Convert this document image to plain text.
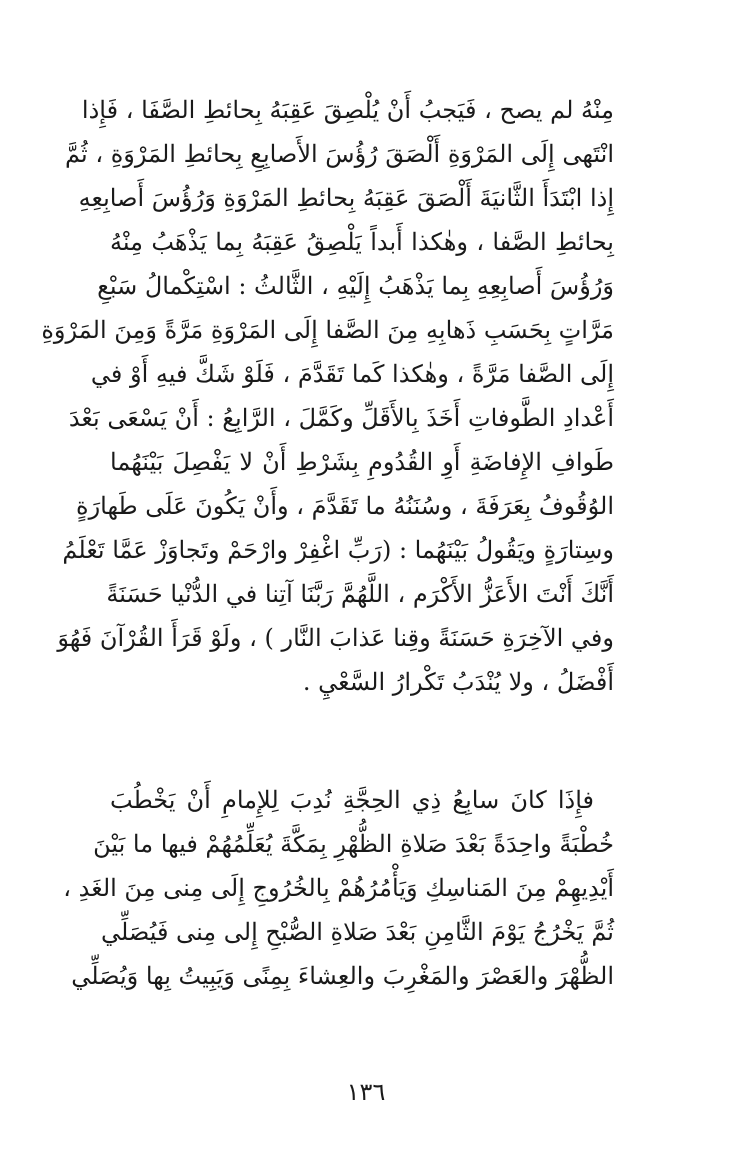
مِنْهُ لم يصح ، فَيَجبُ أَنْ يُلْصِقَ عَقِبَهُ بِحائطِ الصَّفَا ، فَإِذا
انْتَهى إِلَى المَرْوَةِ أَلْصَقَ رُؤُسَ الأَصابِعِ بِحائطِ المَرْوَةِ ، ثُمَّ
إِذا ابْتَدَأَ الثَّانيَةَ أَلْصَقَ عَقِبَهُ بِحائطِ المَرْوَةِ وَرُؤُسَ أَصابِعِهِ
بِحائطِ الصَّفا ، وهٰكذا أَبداً يَلْصِقُ عَقِبَهُ بِما يَذْهَبُ مِنْهُ
وَرُؤُسَ أَصابِعِهِ بِما يَذْهَبُ إِلَيْهِ ، الثَّالثُ : اسْتِكْمالُ سَبْعِ
مَرَّاتٍ بِحَسَبِ ذَهابِهِ مِنَ الصَّفا إِلَى المَرْوَةِ مَرَّةً وَمِنَ المَرْوَةِ
إِلَى الصَّفا مَرَّةً ، وهٰكذا كَما تَقَدَّمَ ، فَلَوْ شَكَّ فيهِ أَوْ في
أَعْدادِ الطَّوفاتِ أَخَذَ بِالأَقَلِّ وكَمَّلَ ، الرَّابِعُ : أَنْ يَسْعَى بَعْدَ
طَوافِ الإِفاضَةِ أَوِ القُدُومِ بِشَرْطِ أَنْ لا يَفْصِلَ بَيْنَهُما
الوُقُوفُ بِعَرَفَةَ ، وسُنَنُهُ ما تَقَدَّمَ ، وأَنْ يَكُونَ عَلَى طَهارَةٍ
وسِتارَةٍ ويَقُولُ بَيْنَهُما : (رَبِّ اغْفِرْ وارْحَمْ وتَجاوَزْ عَمَّا تَعْلَمُ
أَنَّكَ أَنْتَ الأَعَزُّ الأَكْرَم ، اللَّهُمَّ رَبَّنَا آتِنا في الدُّنْيا حَسَنَةً
وفي الآخِرَةِ حَسَنَةً وقِنا عَذابَ النَّار ) ، ولَوْ قَرَأَ القُرْآنَ فَهُوَ
أَفْضَلُ ، ولا يُنْدَبُ تَكْرارُ السَّعْيِ .
فإِذَا كانَ سابِعُ ذِي الحِجَّةِ نُدِبَ لِلإِمامِ أَنْ يَخْطُبَ
خُطْبَةً واحِدَةً بَعْدَ صَلاةِ الظُّهْرِ بِمَكَّةَ يُعَلِّمُهُمْ فيها ما بَيْنَ
أَيْدِيهِمْ مِنَ المَناسِكِ وَيَأْمُرُهُمْ بِالخُرُوجِ إِلَى مِنى مِنَ الغَدِ ،
ثُمَّ يَخْرُجُ يَوْمَ الثَّامِنِ بَعْدَ صَلاةِ الصُّبْحِ إِلى مِنى فَيُصَلِّي
الظُّهْرَ والعَصْرَ والمَغْرِبَ والعِشاءَ بِمِنًى وَيَبِيتُ بِها وَيُصَلِّي
١٣٦
